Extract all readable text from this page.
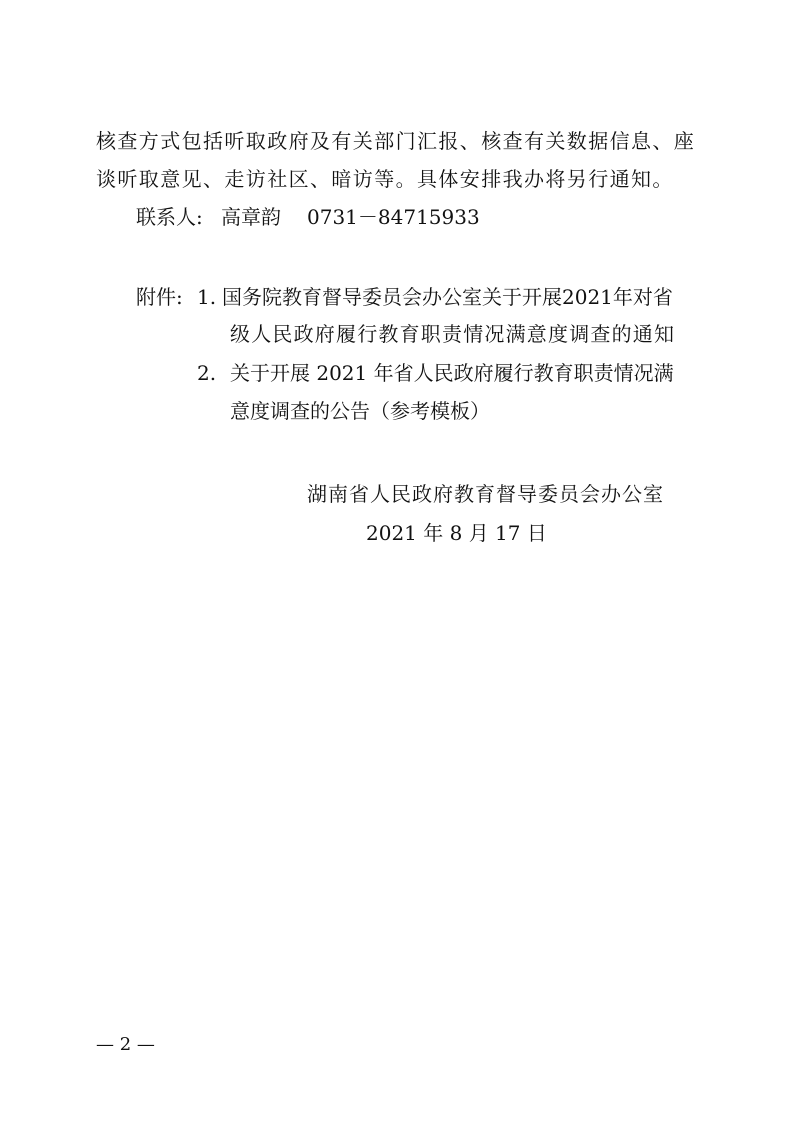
核查方式包括听取政府及有关部门汇报、核查有关数据信息、座
谈听取意见、走访社区、暗访等。具体安排我办将另行通知。
联系人: 高章韵 0731－84715933
附件: 1. 国务院教育督导委员会办公室关于开展2021年对省
级人民政府履行教育职责情况满意度调查的通知
2. 关于开展 2021 年省人民政府履行教育职责情况满
意度调查的公告（参考模板）
湖南省人民政府教育督导委员会办公室
2021 年 8 月 17 日
— 2 —
